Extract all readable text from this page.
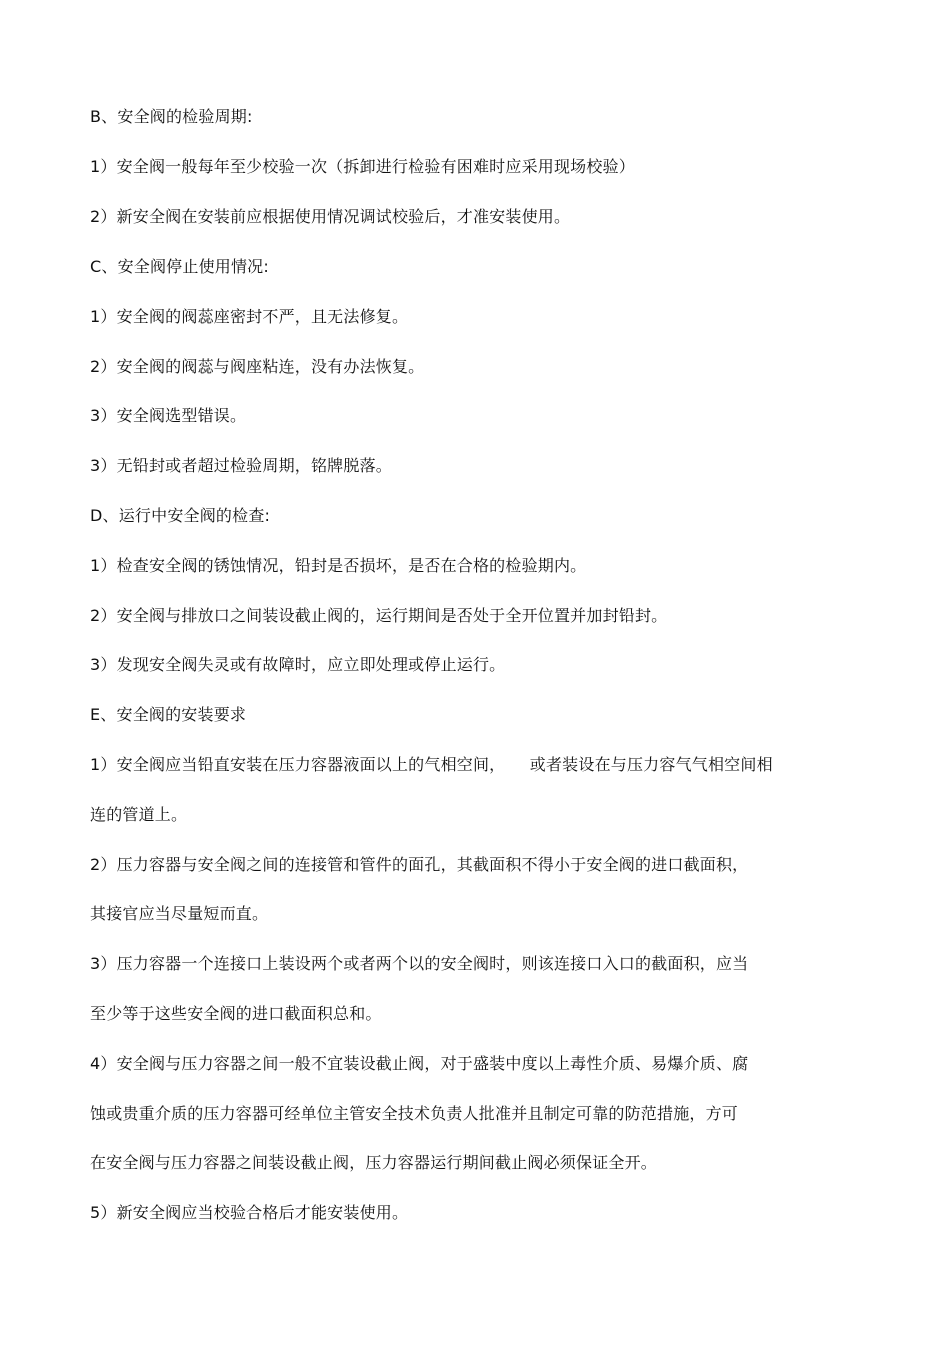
B、安全阀的检验周期:
1）安全阀一般每年至少校验一次（拆卸进行检验有困难时应采用现场校验）
2）新安全阀在安装前应根据使用情况调试校验后，才准安装使用。
C、安全阀停止使用情况:
1）安全阀的阀蕊座密封不严，且无法修复。
2）安全阀的阀蕊与阀座粘连，没有办法恢复。
3）安全阀选型错误。
3）无铅封或者超过检验周期，铭牌脱落。
D、运行中安全阀的检查:
1）检查安全阀的锈蚀情况，铅封是否损坏，是否在合格的检验期内。
2）安全阀与排放口之间装设截止阀的，运行期间是否处于全开位置并加封铅封。
3）发现安全阀失灵或有故障时，应立即处理或停止运行。
E、安全阀的安装要求
1）安全阀应当铅直安装在压力容器液面以上的气相空间，　　或者装设在与压力容气气相空间相
连的管道上。
2）压力容器与安全阀之间的连接管和管件的面孔，其截面积不得小于安全阀的进口截面积，
其接官应当尽量短而直。
3）压力容器一个连接口上装设两个或者两个以的安全阀时，则该连接口入口的截面积，应当
至少等于这些安全阀的进口截面积总和。
4）安全阀与压力容器之间一般不宜装设截止阀，对于盛装中度以上毒性介质、易爆介质、腐
蚀或贵重介质的压力容器可经单位主管安全技术负责人批准并且制定可靠的防范措施，方可
在安全阀与压力容器之间装设截止阀，压力容器运行期间截止阀必须保证全开。
5）新安全阀应当校验合格后才能安装使用。
